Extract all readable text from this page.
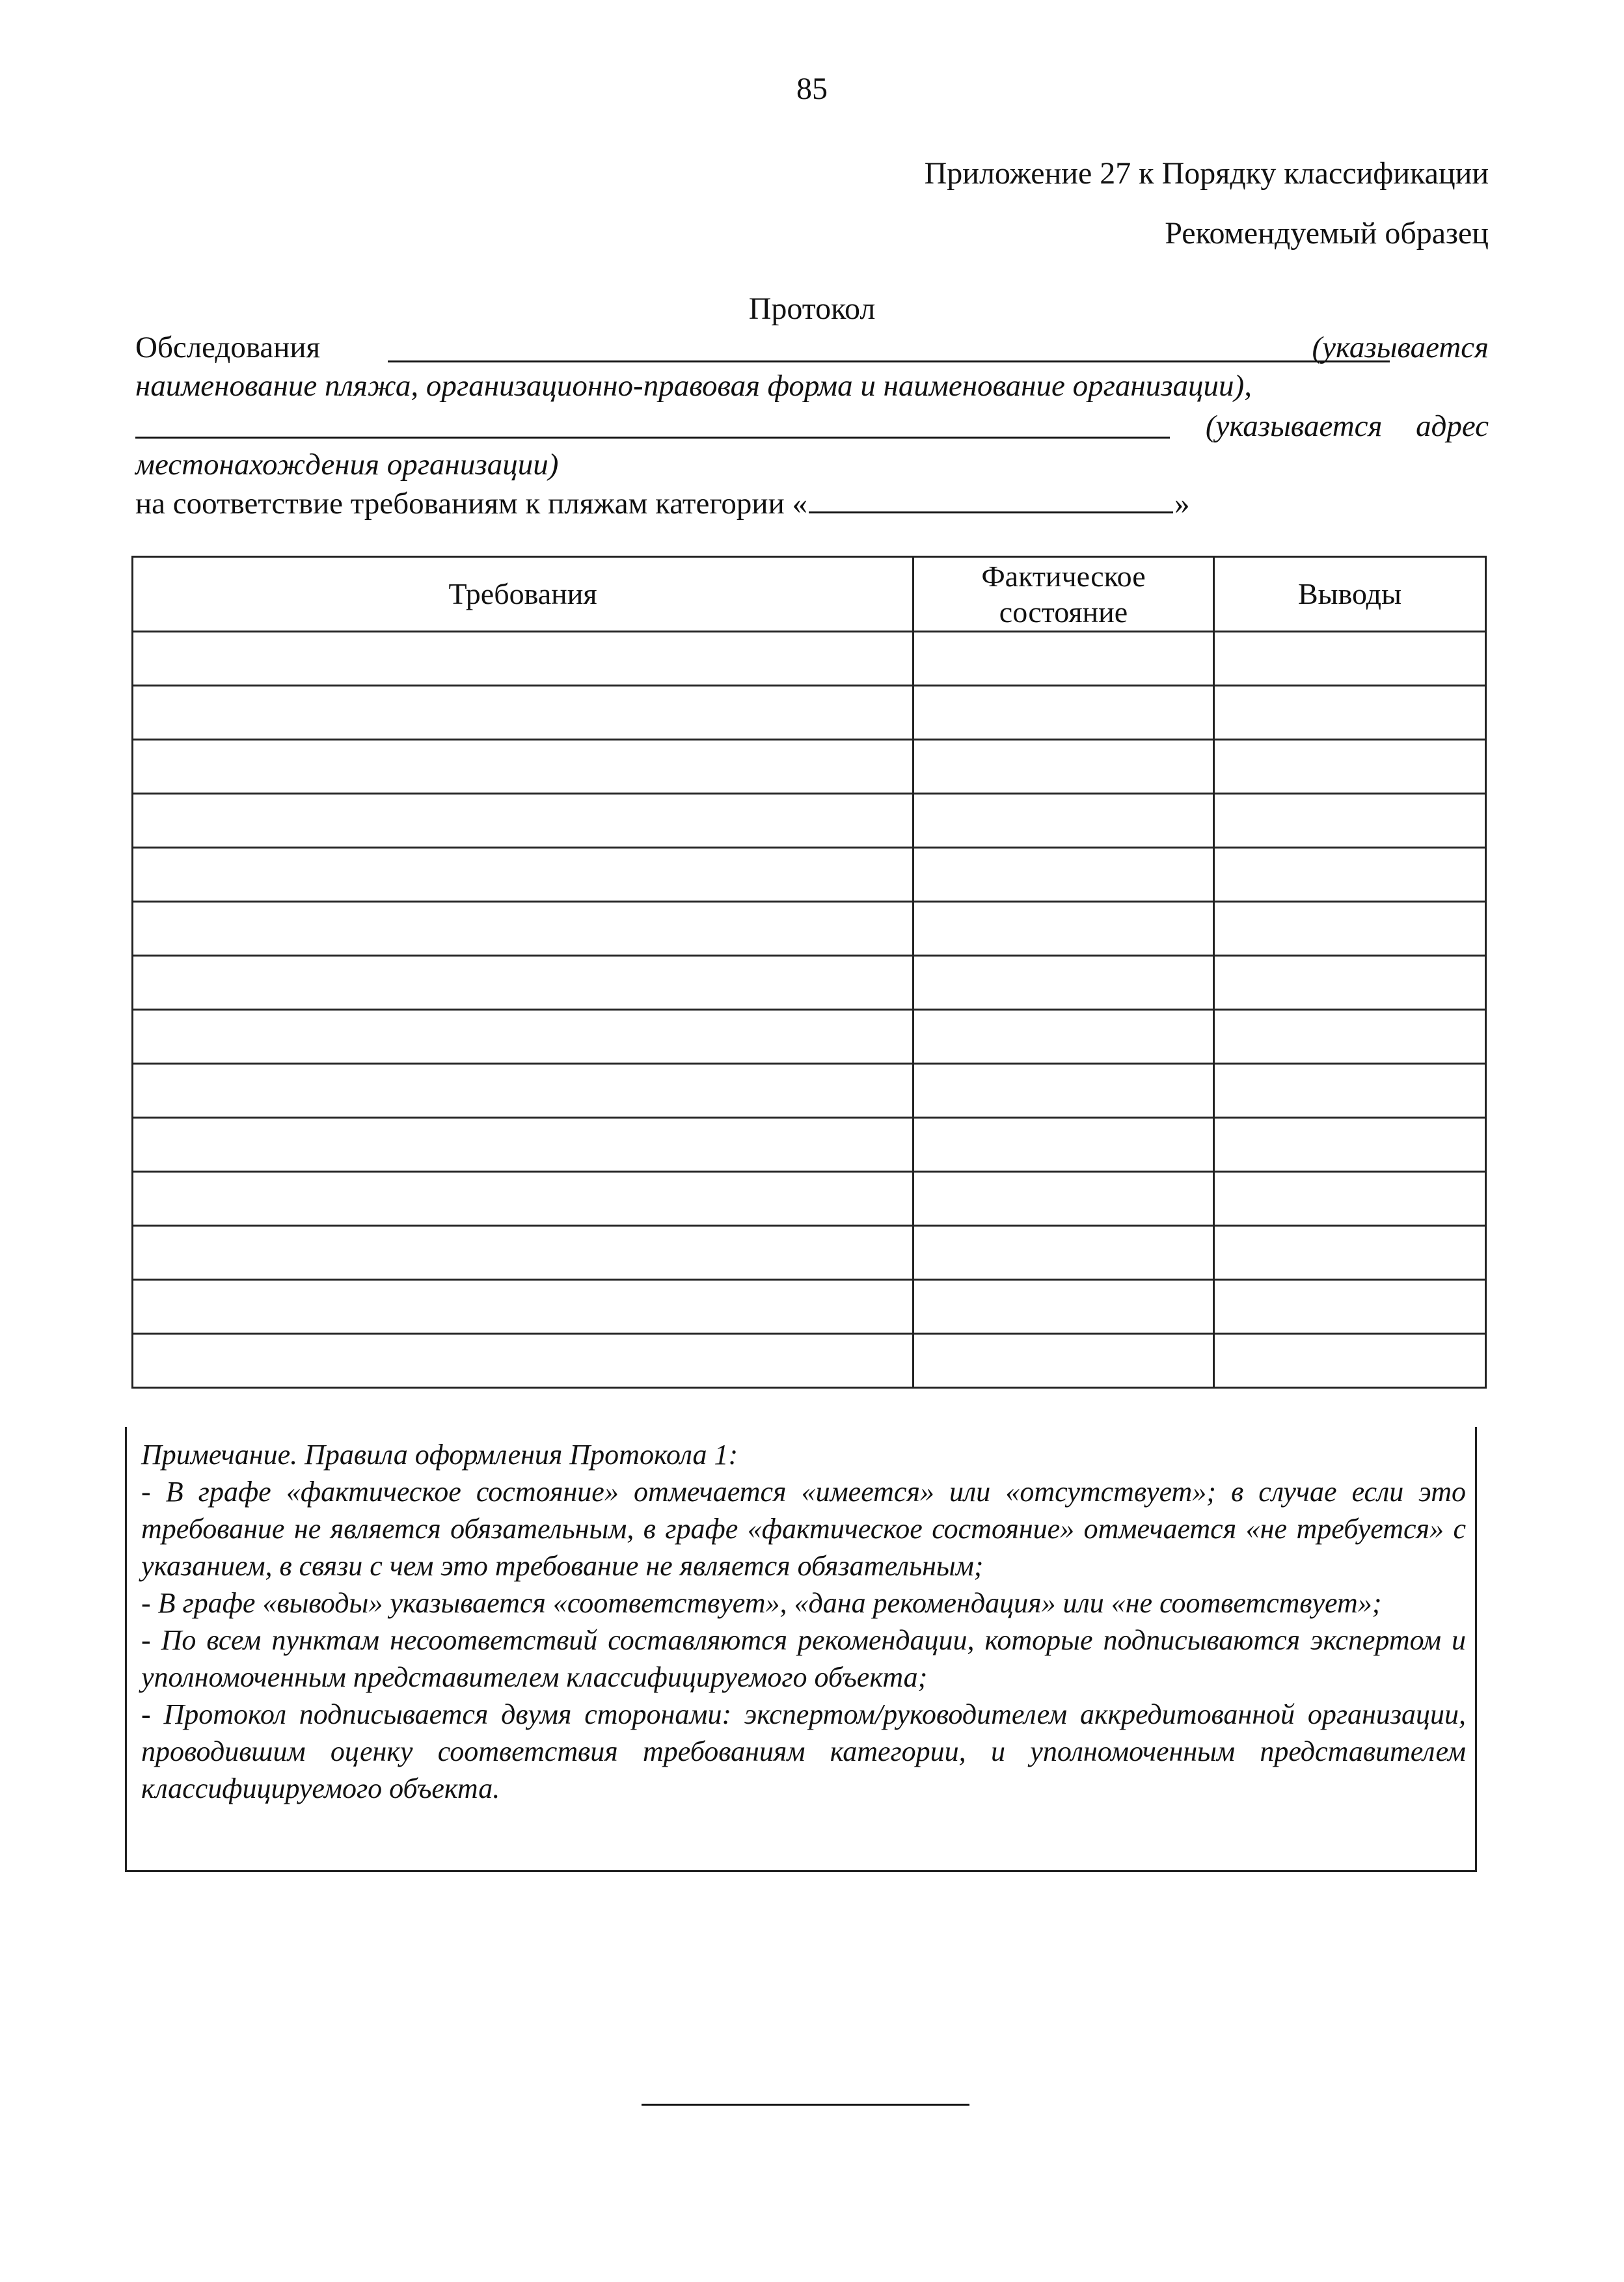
85
Приложение 27 к Порядку классификации
Рекомендуемый образец
Протокол
Обследования	(указывается
наименование пляжа, организационно-правовая форма и наименование организации),
(указывается адрес
местонахождения организации)
на соответствие требованиям к пляжам категории «	»
Требования	Фактическое состояние	Выводы

Примечание. Правила оформления Протокола 1:

- В графе «фактическое состояние» отмечается «имеется» или «отсутствует»; в случае если это требование не является обязательным, в графе «фактическое состояние» отмечается «не требуется» с указанием, в связи с чем это требование не является обязательным;

- В графе «выводы» указывается «соответствует», «дана рекомендация» или «не соответствует»;

- По всем пунктам несоответствий составляются рекомендации, которые подписываются экспертом и уполномоченным представителем классифицируемого объекта;

- Протокол подписывается двумя сторонами: экспертом/руководителем аккредитованной организации, проводившим оценку соответствия требованиям категории, и уполномоченным представителем классифицируемого объекта.
